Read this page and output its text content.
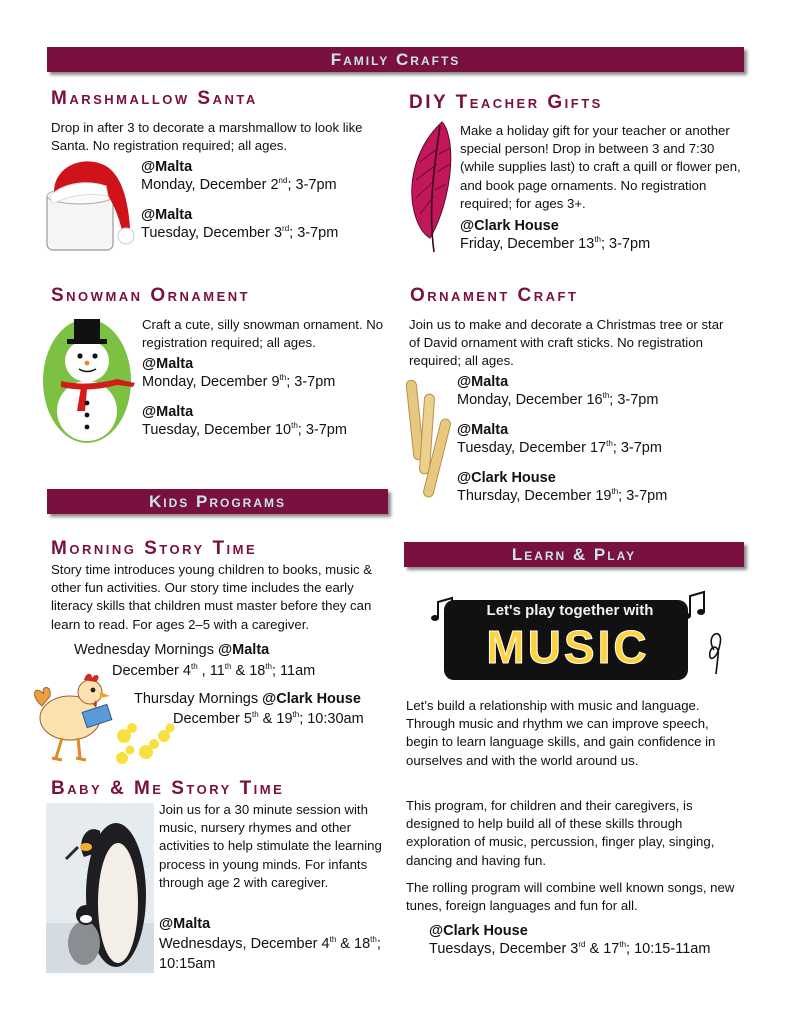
Family Crafts
Marshmallow Santa
Drop in after 3 to decorate a marshmallow to look like Santa. No registration required; all ages.
@Malta
Monday, December 2nd; 3-7pm
@Malta
Tuesday, December 3rd; 3-7pm
DIY Teacher Gifts
Make a holiday gift for your teacher or another special person! Drop in between 3 and 7:30 (while supplies last) to craft a quill or flower pen, and book page ornaments. No registration required; for ages 3+.
@Clark House
Friday, December 13th; 3-7pm
Snowman Ornament
Craft a cute, silly snowman ornament. No registration required; all ages.
@Malta
Monday, December 9th; 3-7pm
@Malta
Tuesday, December 10th; 3-7pm
Ornament Craft
Join us to make and decorate a Christmas tree or star of David ornament with craft sticks. No registration required; all ages.
@Malta
Monday, December 16th; 3-7pm
@Malta
Tuesday, December 17th; 3-7pm
@Clark House
Thursday, December 19th; 3-7pm
Kids Programs
Morning Story Time
Story time introduces young children to books, music & other fun activities. Our story time includes the early literacy skills that children must master before they can learn to read. For ages 2–5 with a caregiver.
Wednesday Mornings @Malta
December 4th , 11th & 18th; 11am
Thursday Mornings @Clark House
December 5th & 19th; 10:30am
Baby & Me Story Time
Join us for a 30 minute session with music, nursery rhymes and other activities to help stimulate the learning process in young minds. For infants through age 2 with caregiver.
@Malta
Wednesdays, December 4th & 18th; 10:15am
Learn & Play
Let's play together with
MUSIC
Let's build a relationship with music and language. Through music and rhythm we can improve speech, begin to learn language skills, and gain confidence in ourselves and with the world around us.
This program, for children and their caregivers, is designed to help build all of these skills through exploration of music, percussion, finger play, singing, dancing and having fun.
The rolling program will combine well known songs, new tunes, foreign languages and fun for all.
@Clark House
Tuesdays, December 3rd & 17th; 10:15-11am
